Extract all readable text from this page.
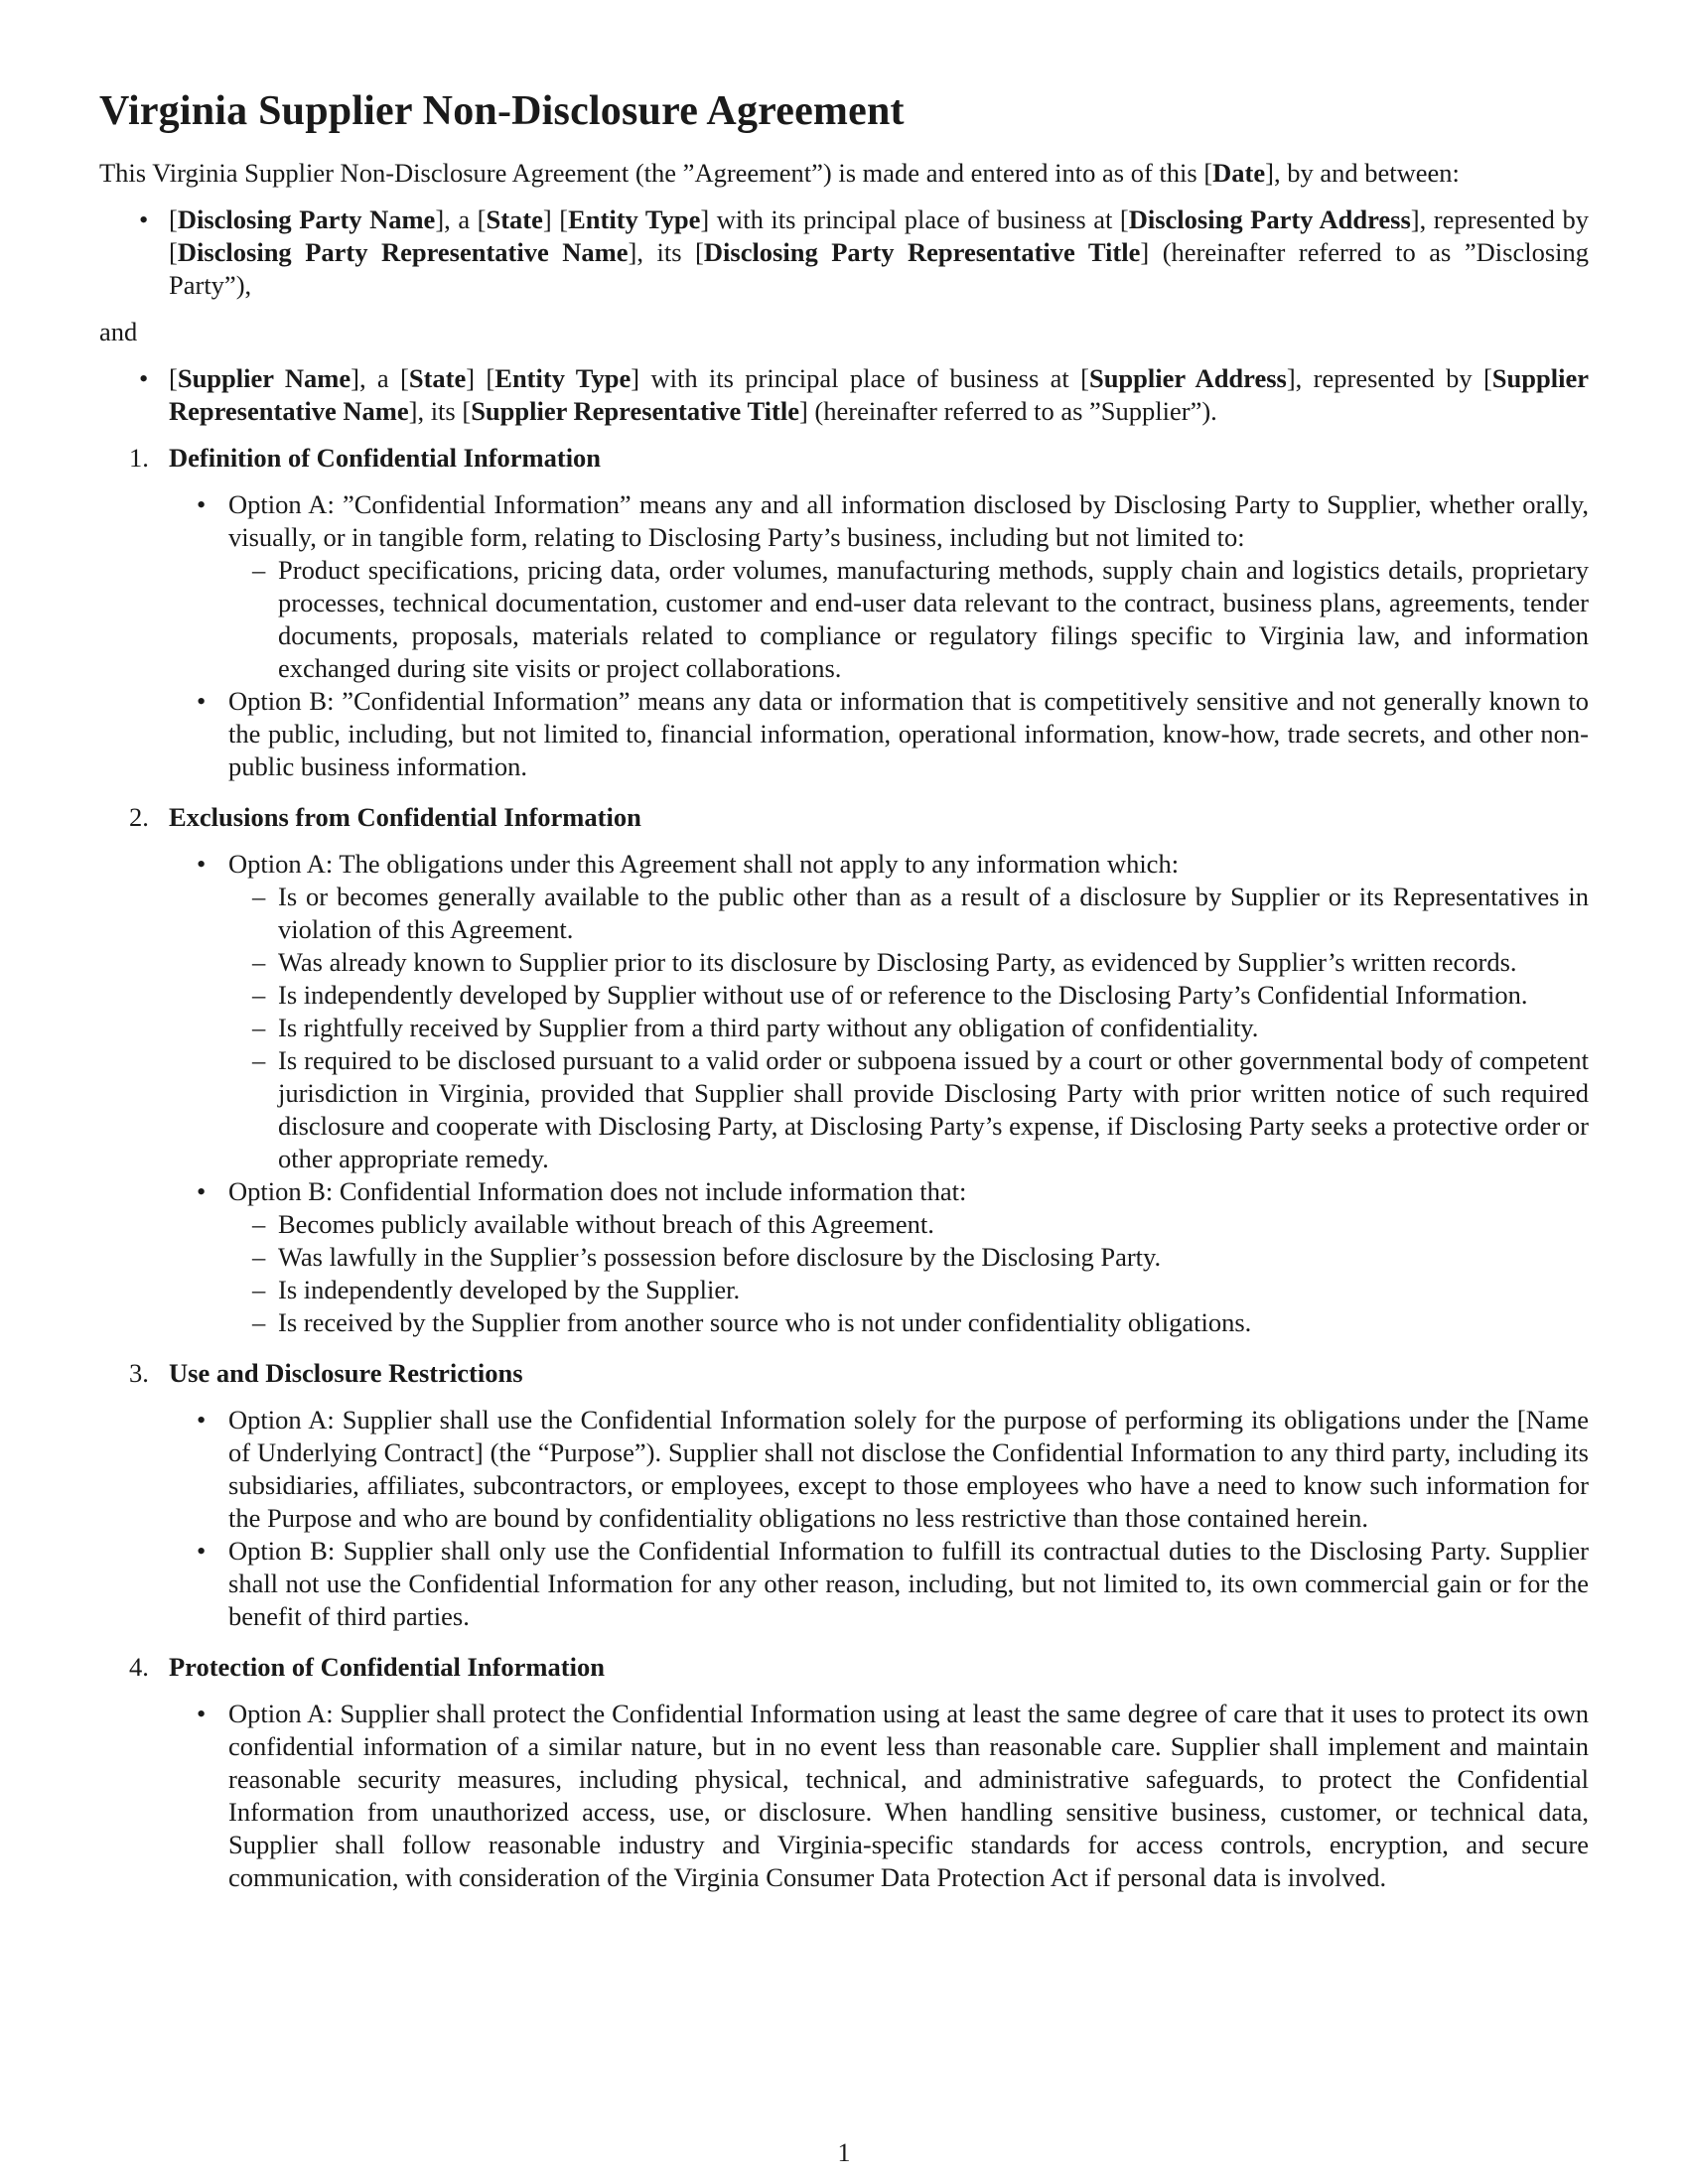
Virginia Supplier Non-Disclosure Agreement

This Virginia Supplier Non-Disclosure Agreement (the ”Agreement”) is made and entered into as of this [Date], by and between:

• [Disclosing Party Name], a [State] [Entity Type] with its principal place of business at [Disclosing Party Address], represented by [Disclosing Party Representative Name], its [Disclosing Party Representative Title] (hereinafter referred to as ”Disclosing Party”),

and

• [Supplier Name], a [State] [Entity Type] with its principal place of business at [Supplier Address], represented by [Supplier Representative Name], its [Supplier Representative Title] (hereinafter referred to as ”Supplier”).
1. Definition of Confidential Information
• Option A: ”Confidential Information” means any and all information disclosed by Disclosing Party to Supplier, whether orally, visually, or in tangible form, relating to Disclosing Party’s business, including but not limited to:
– Product specifications, pricing data, order volumes, manufacturing methods, supply chain and logistics details, proprietary processes, technical documentation, customer and end-user data relevant to the contract, business plans, agreements, tender documents, proposals, materials related to compliance or regulatory filings specific to Virginia law, and information exchanged during site visits or project collaborations.
• Option B: ”Confidential Information” means any data or information that is competitively sensitive and not generally known to the public, including, but not limited to, financial information, operational information, know-how, trade secrets, and other non-public business information.
2. Exclusions from Confidential Information
• Option A: The obligations under this Agreement shall not apply to any information which:
– Is or becomes generally available to the public other than as a result of a disclosure by Supplier or its Representatives in violation of this Agreement.
– Was already known to Supplier prior to its disclosure by Disclosing Party, as evidenced by Supplier’s written records.
– Is independently developed by Supplier without use of or reference to the Disclosing Party’s Confidential Information.
– Is rightfully received by Supplier from a third party without any obligation of confidentiality.
– Is required to be disclosed pursuant to a valid order or subpoena issued by a court or other governmental body of competent jurisdiction in Virginia, provided that Supplier shall provide Disclosing Party with prior written notice of such required disclosure and cooperate with Disclosing Party, at Disclosing Party’s expense, if Disclosing Party seeks a protective order or other appropriate remedy.
• Option B: Confidential Information does not include information that:
– Becomes publicly available without breach of this Agreement.
– Was lawfully in the Supplier’s possession before disclosure by the Disclosing Party.
– Is independently developed by the Supplier.
– Is received by the Supplier from another source who is not under confidentiality obligations.
3. Use and Disclosure Restrictions
• Option A: Supplier shall use the Confidential Information solely for the purpose of performing its obligations under the [Name of Underlying Contract] (the “Purpose”). Supplier shall not disclose the Confidential Information to any third party, including its subsidiaries, affiliates, subcontractors, or employees, except to those employees who have a need to know such information for the Purpose and who are bound by confidentiality obligations no less restrictive than those contained herein.
• Option B: Supplier shall only use the Confidential Information to fulfill its contractual duties to the Disclosing Party. Supplier shall not use the Confidential Information for any other reason, including, but not limited to, its own commercial gain or for the benefit of third parties.
4. Protection of Confidential Information
• Option A: Supplier shall protect the Confidential Information using at least the same degree of care that it uses to protect its own confidential information of a similar nature, but in no event less than reasonable care. Supplier shall implement and maintain reasonable security measures, including physical, technical, and administrative safeguards, to protect the Confidential Information from unauthorized access, use, or disclosure. When handling sensitive business, customer, or technical data, Supplier shall follow reasonable industry and Virginia-specific standards for access controls, encryption, and secure communication, with consideration of the Virginia Consumer Data Protection Act if personal data is involved.
1
